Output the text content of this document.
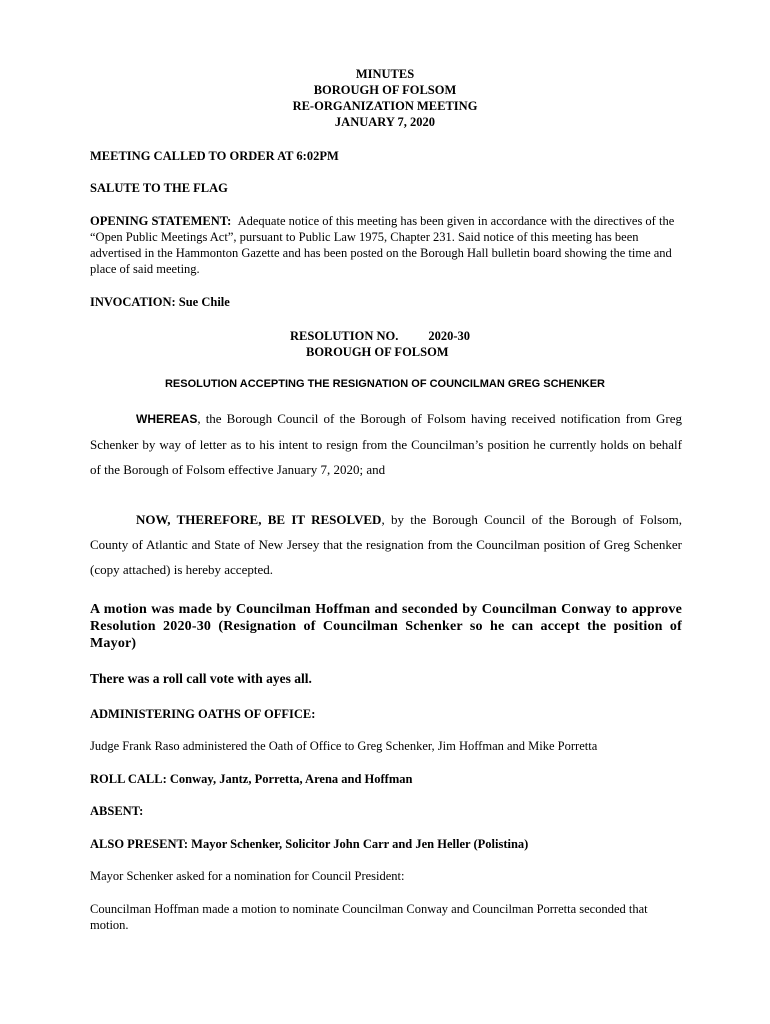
MINUTES
BOROUGH OF FOLSOM
RE-ORGANIZATION MEETING
JANUARY 7, 2020

MEETING CALLED TO ORDER AT 6:02PM

SALUTE TO THE FLAG

OPENING STATEMENT: Adequate notice of this meeting has been given in accordance with the directives of the “Open Public Meetings Act”, pursuant to Public Law 1975, Chapter 231. Said notice of this meeting has been advertised in the Hammonton Gazette and has been posted on the Borough Hall bulletin board showing the time and place of said meeting.

INVOCATION: Sue Chile

RESOLUTION NO. 2020-30
BOROUGH OF FOLSOM
RESOLUTION ACCEPTING THE RESIGNATION OF COUNCILMAN GREG SCHENKER

WHEREAS, the Borough Council of the Borough of Folsom having received notification from Greg Schenker by way of letter as to his intent to resign from the Councilman’s position he currently holds on behalf of the Borough of Folsom effective January 7, 2020; and

NOW, THEREFORE, BE IT RESOLVED, by the Borough Council of the Borough of Folsom, County of Atlantic and State of New Jersey that the resignation from the Councilman position of Greg Schenker (copy attached) is hereby accepted.

A motion was made by Councilman Hoffman and seconded by Councilman Conway to approve Resolution 2020-30 (Resignation of Councilman Schenker so he can accept the position of Mayor)

There was a roll call vote with ayes all.

ADMINISTERING OATHS OF OFFICE:

Judge Frank Raso administered the Oath of Office to Greg Schenker, Jim Hoffman and Mike Porretta

ROLL CALL: Conway, Jantz, Porretta, Arena and Hoffman

ABSENT:

ALSO PRESENT: Mayor Schenker, Solicitor John Carr and Jen Heller (Polistina)

Mayor Schenker asked for a nomination for Council President:

Councilman Hoffman made a motion to nominate Councilman Conway and Councilman Porretta seconded that motion.
